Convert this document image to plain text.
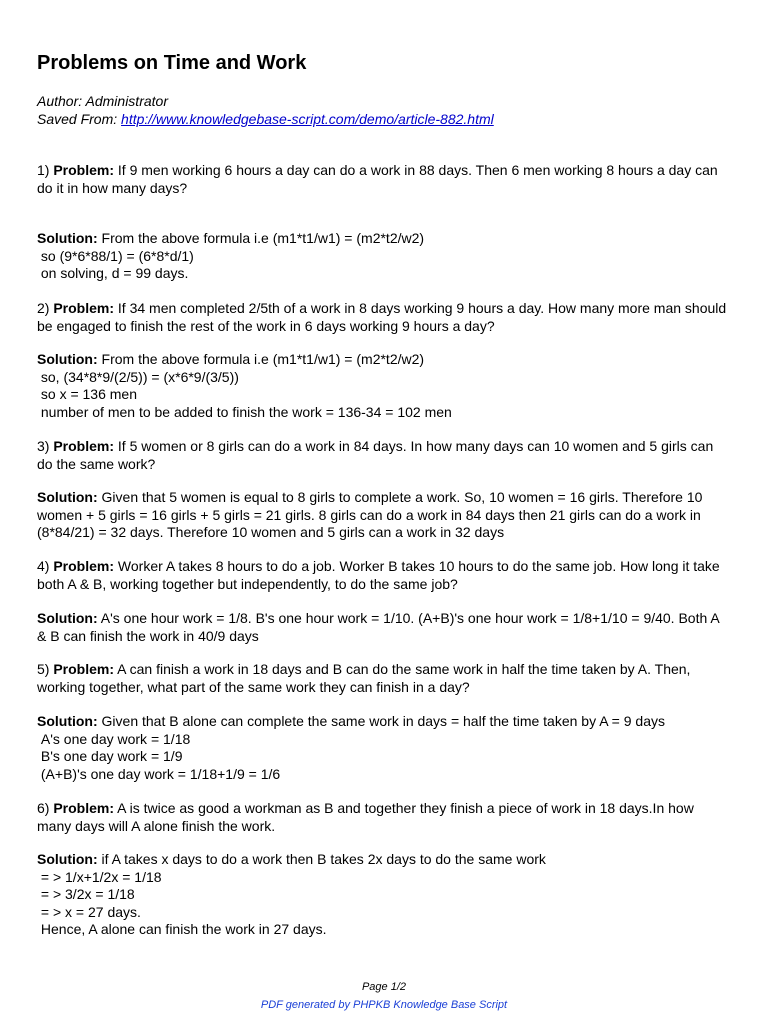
Problems on Time and Work
Author: Administrator
Saved From: http://www.knowledgebase-script.com/demo/article-882.html

1) Problem: If 9 men working 6 hours a day can do a work in 88 days. Then 6 men working 8 hours a day can do it in how many days?

Solution: From the above formula i.e (m1*t1/w1) = (m2*t2/w2)

so (9*6*88/1) = (6*8*d/1)

on solving, d = 99 days.

2) Problem: If 34 men completed 2/5th of a work in 8 days working 9 hours a day. How many more man should be engaged to finish the rest of the work in 6 days working 9 hours a day?

Solution: From the above formula i.e (m1*t1/w1) = (m2*t2/w2)

so, (34*8*9/(2/5)) = (x*6*9/(3/5))

so x = 136 men

number of men to be added to finish the work = 136-34 = 102 men

3) Problem: If 5 women or 8 girls can do a work in 84 days. In how many days can 10 women and 5 girls can do the same work?

Solution: Given that 5 women is equal to 8 girls to complete a work. So, 10 women = 16 girls. Therefore 10 women + 5 girls = 16 girls + 5 girls = 21 girls. 8 girls can do a work in 84 days then 21 girls can do a work in (8*84/21) = 32 days. Therefore 10 women and 5 girls can a work in 32 days

4) Problem: Worker A takes 8 hours to do a job. Worker B takes 10 hours to do the same job. How long it take both A & B, working together but independently, to do the same job?

Solution: A's one hour work = 1/8. B's one hour work = 1/10. (A+B)'s one hour work = 1/8+1/10 = 9/40. Both A & B can finish the work in 40/9 days

5) Problem: A can finish a work in 18 days and B can do the same work in half the time taken by A. Then, working together, what part of the same work they can finish in a day?

Solution: Given that B alone can complete the same work in days = half the time taken by A = 9 days

A's one day work = 1/18

B's one day work = 1/9

(A+B)'s one day work = 1/18+1/9 = 1/6

6) Problem: A is twice as good a workman as B and together they finish a piece of work in 18 days.In how many days will A alone finish the work.

Solution: if A takes x days to do a work then B takes 2x days to do the same work

= > 1/x+1/2x = 1/18

= > 3/2x = 1/18

= > x = 27 days.

Hence, A alone can finish the work in 27 days.

Page 1/2
PDF generated by PHPKB Knowledge Base Script
